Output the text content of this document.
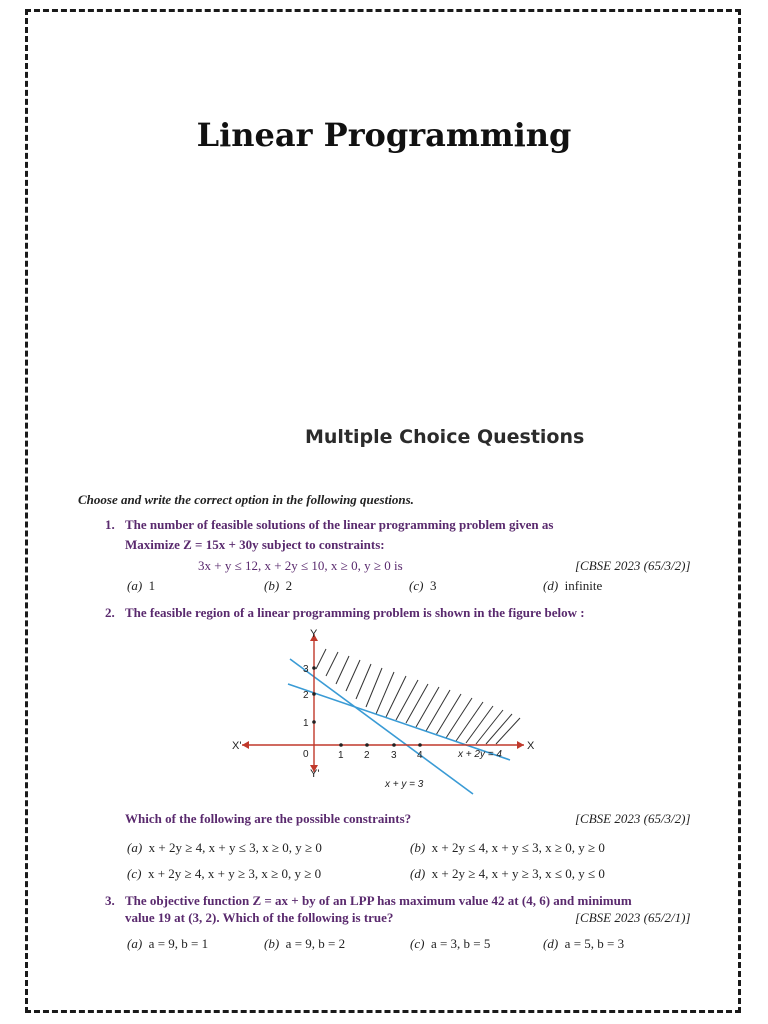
Linear Programming
Multiple Choice Questions
Choose and write the correct option in the following questions.
1. The number of feasible solutions of the linear programming problem given as
Maximize Z = 15x + 30y subject to constraints:
3x + y ≤ 12, x + 2y ≤ 10, x ≥ 0, y ≥ 0 is	[CBSE 2023 (65/3/2)]
(a) 1	(b) 2	(c) 3	(d) infinite
2. The feasible region of a linear programming problem is shown in the figure below :
Y
Y'
X'	X
0	1 2 3 4
1
2
3
x + 2y = 4
x + y = 3
Which of the following are the possible constraints?	[CBSE 2023 (65/3/2)]
(a) x + 2y ≥ 4, x + y ≤ 3, x ≥ 0, y ≥ 0	(b) x + 2y ≤ 4, x + y ≤ 3, x ≥ 0, y ≥ 0
(c) x + 2y ≥ 4, x + y ≥ 3, x ≥ 0, y ≥ 0	(d) x + 2y ≥ 4, x + y ≥ 3, x ≤ 0, y ≤ 0
3. The objective function Z = ax + by of an LPP has maximum value 42 at (4, 6) and minimum
value 19 at (3, 2). Which of the following is true?	[CBSE 2023 (65/2/1)]
(a) a = 9, b = 1	(b) a = 9, b = 2	(c) a = 3, b = 5	(d) a = 5, b = 3
